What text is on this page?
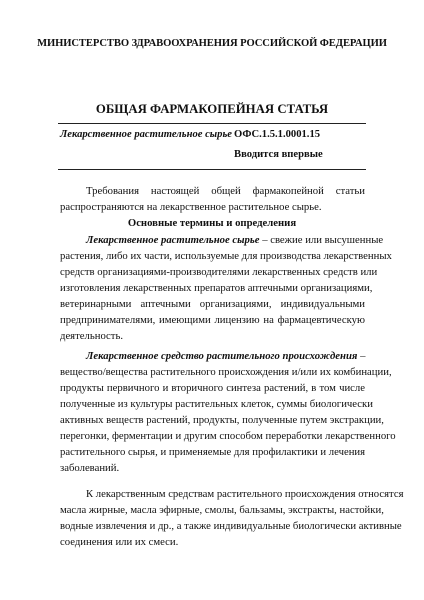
МИНИСТЕРСТВО ЗДРАВООХРАНЕНИЯ РОССИЙСКОЙ ФЕДЕРАЦИИ
ОБЩАЯ ФАРМАКОПЕЙНАЯ СТАТЬЯ
Лекарственное растительное сырье ОФС.1.5.1.0001.15
Вводится впервые
Требования настоящей общей фармакопейной статьи
распространяются на лекарственное растительное сырье.
Основные термины и определения
Лекарственное растительное сырье – свежие или высушенные
растения, либо их части, используемые для производства лекарственных
средств организациями-производителями лекарственных средств или
изготовления лекарственных препаратов аптечными организациями,
ветеринарными аптечными организациями, индивидуальными
предпринимателями, имеющими лицензию на фармацевтическую
деятельность.
Лекарственное средство растительного происхождения –
вещество/вещества растительного происхождения и/или их комбинации,
продукты первичного и вторичного синтеза растений, в том числе
полученные из культуры растительных клеток, суммы биологически
активных веществ растений, продукты, полученные путем экстракции,
перегонки, ферментации и другим способом переработки лекарственного
растительного сырья, и применяемые для профилактики и лечения
заболеваний.
К лекарственным средствам растительного происхождения относятся
масла жирные, масла эфирные, смолы, бальзамы, экстракты, настойки,
водные извлечения и др., а также индивидуальные биологически активные
соединения или их смеси.
